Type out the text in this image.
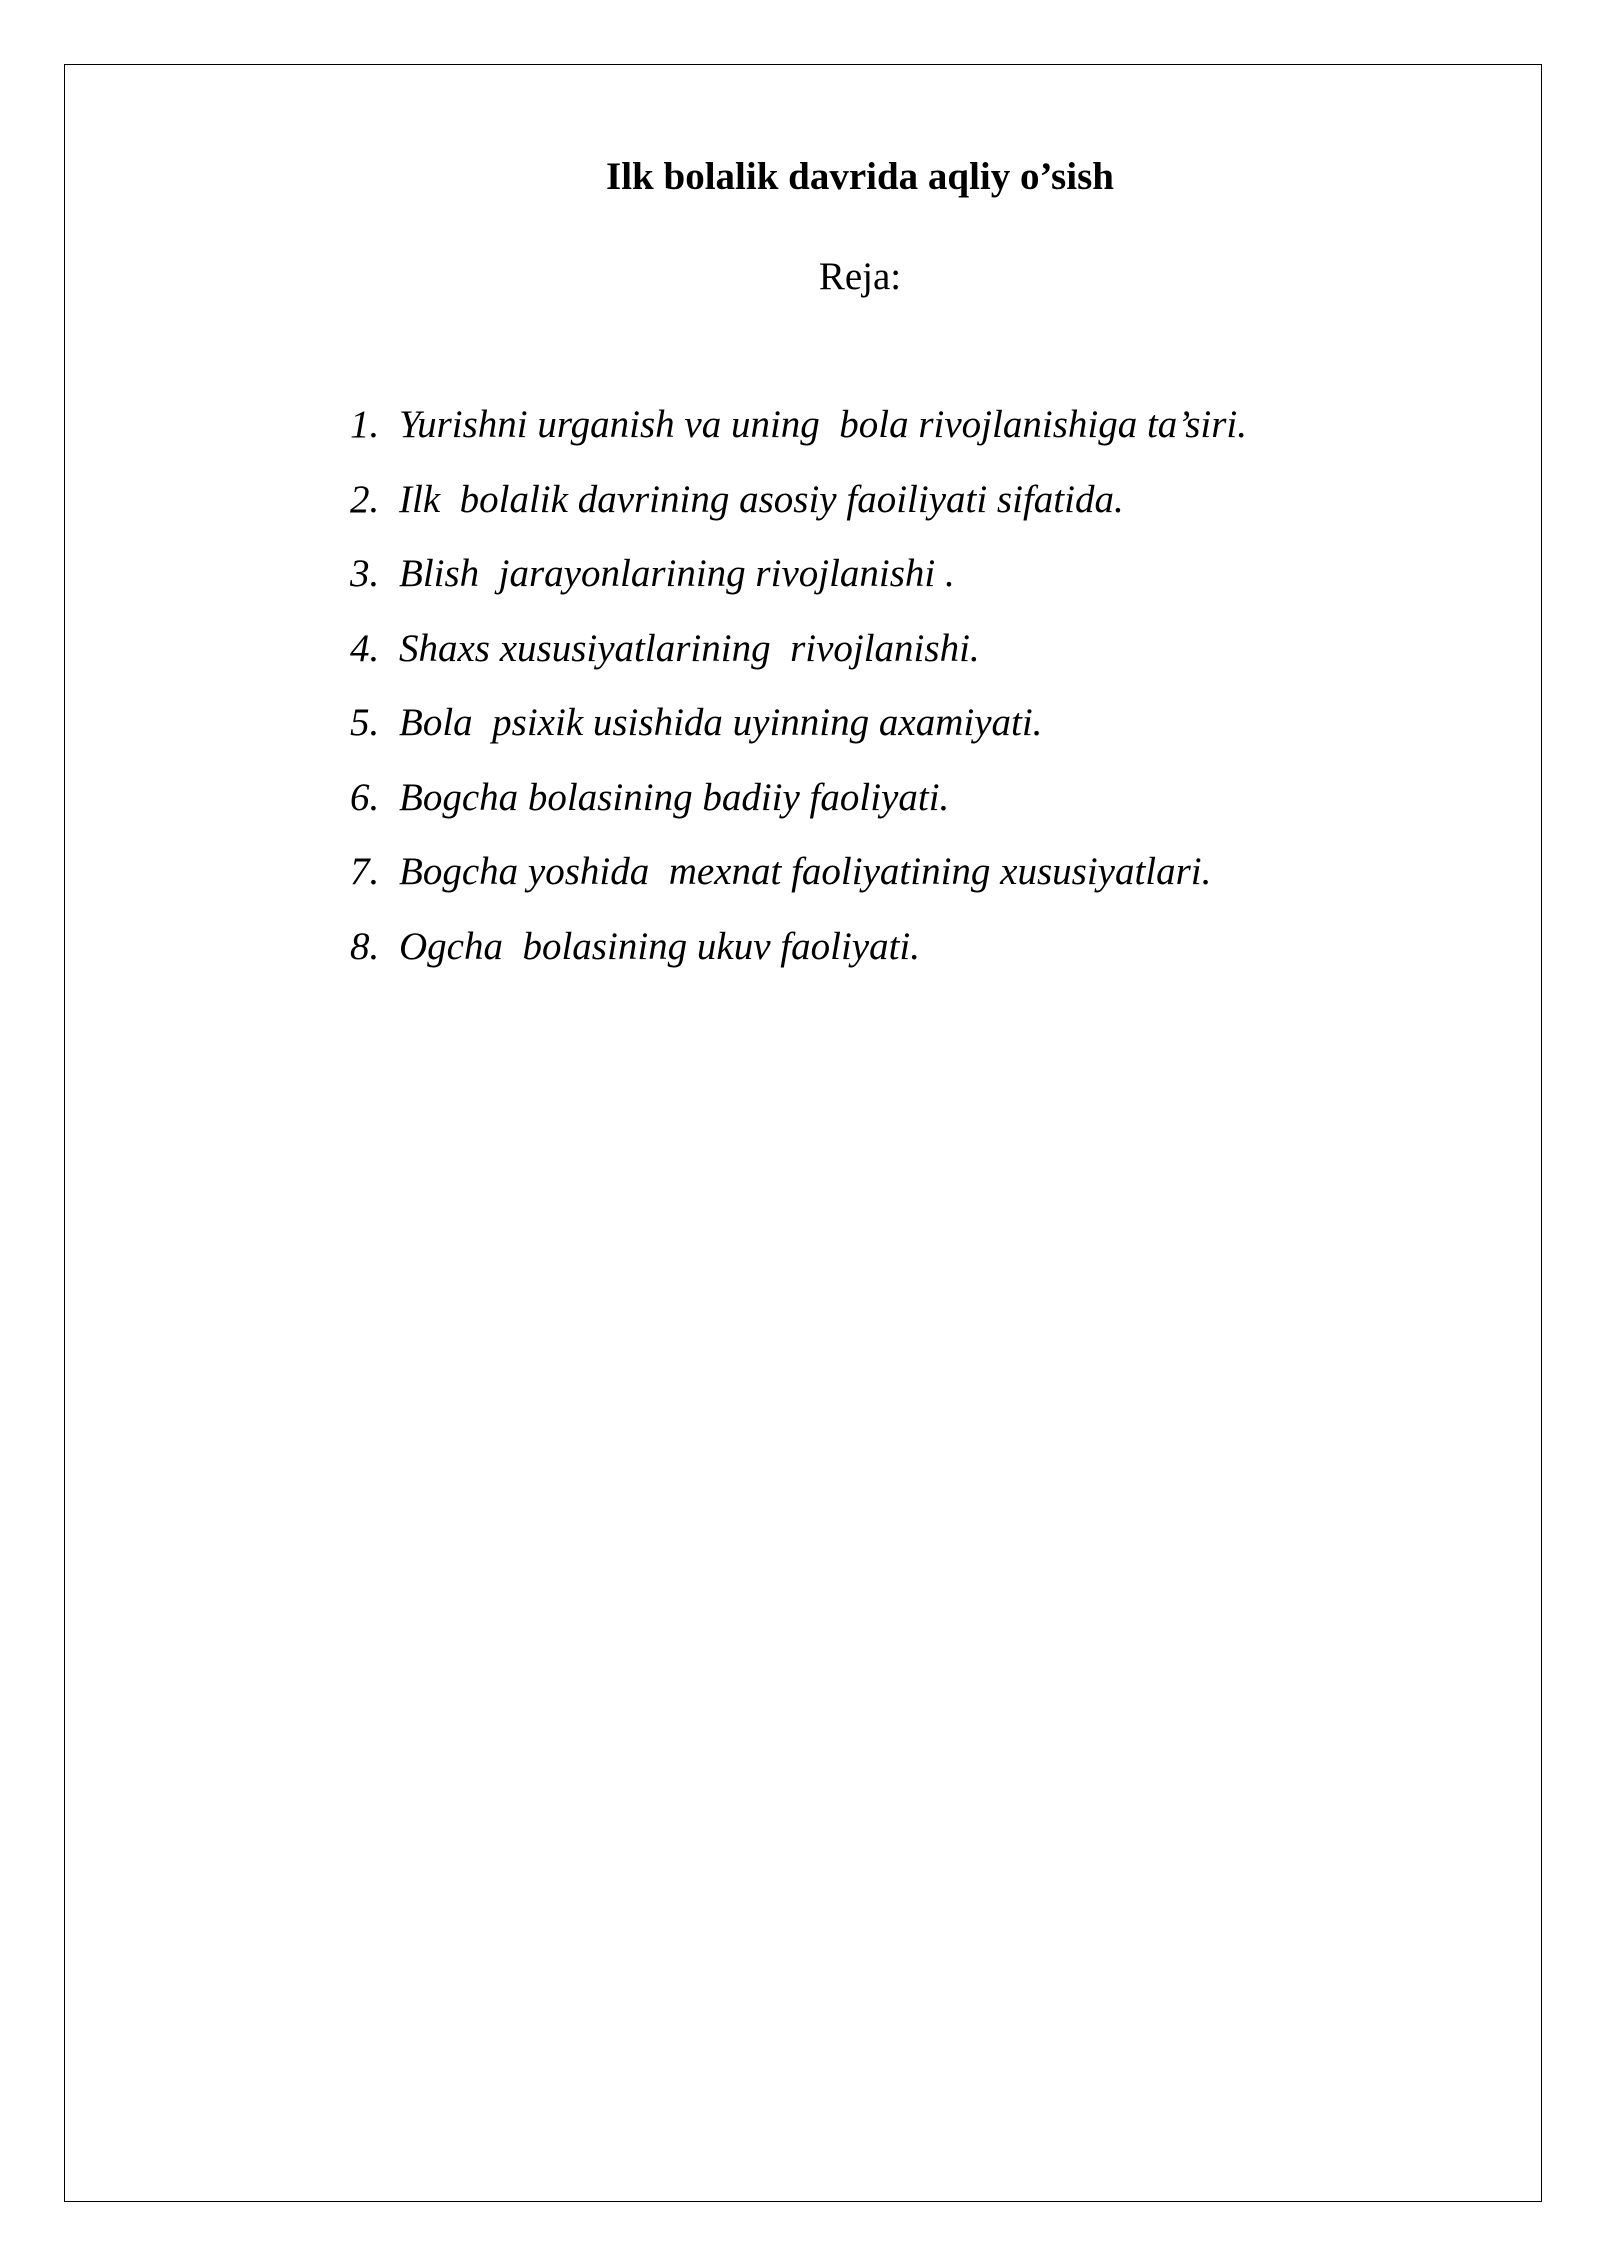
Ilk bolalik davrida aqliy o’sish

Reja:

1. Yurishni urganish va uning  bola rivojlanishiga ta’siri.
2. Ilk  bolalik davrining asosiy faoiliyati sifatida.
3. Blish  jarayonlarining rivojlanishi .
4. Shaxs xususiyatlarining  rivojlanishi.
5. Bola  psixik usishida uyinning axamiyati.
6. Bogcha bolasining badiiy faoliyati.
7. Bogcha yoshida  mexnat faoliyatining xususiyatlari.
8. Ogcha  bolasining ukuv faoliyati.
